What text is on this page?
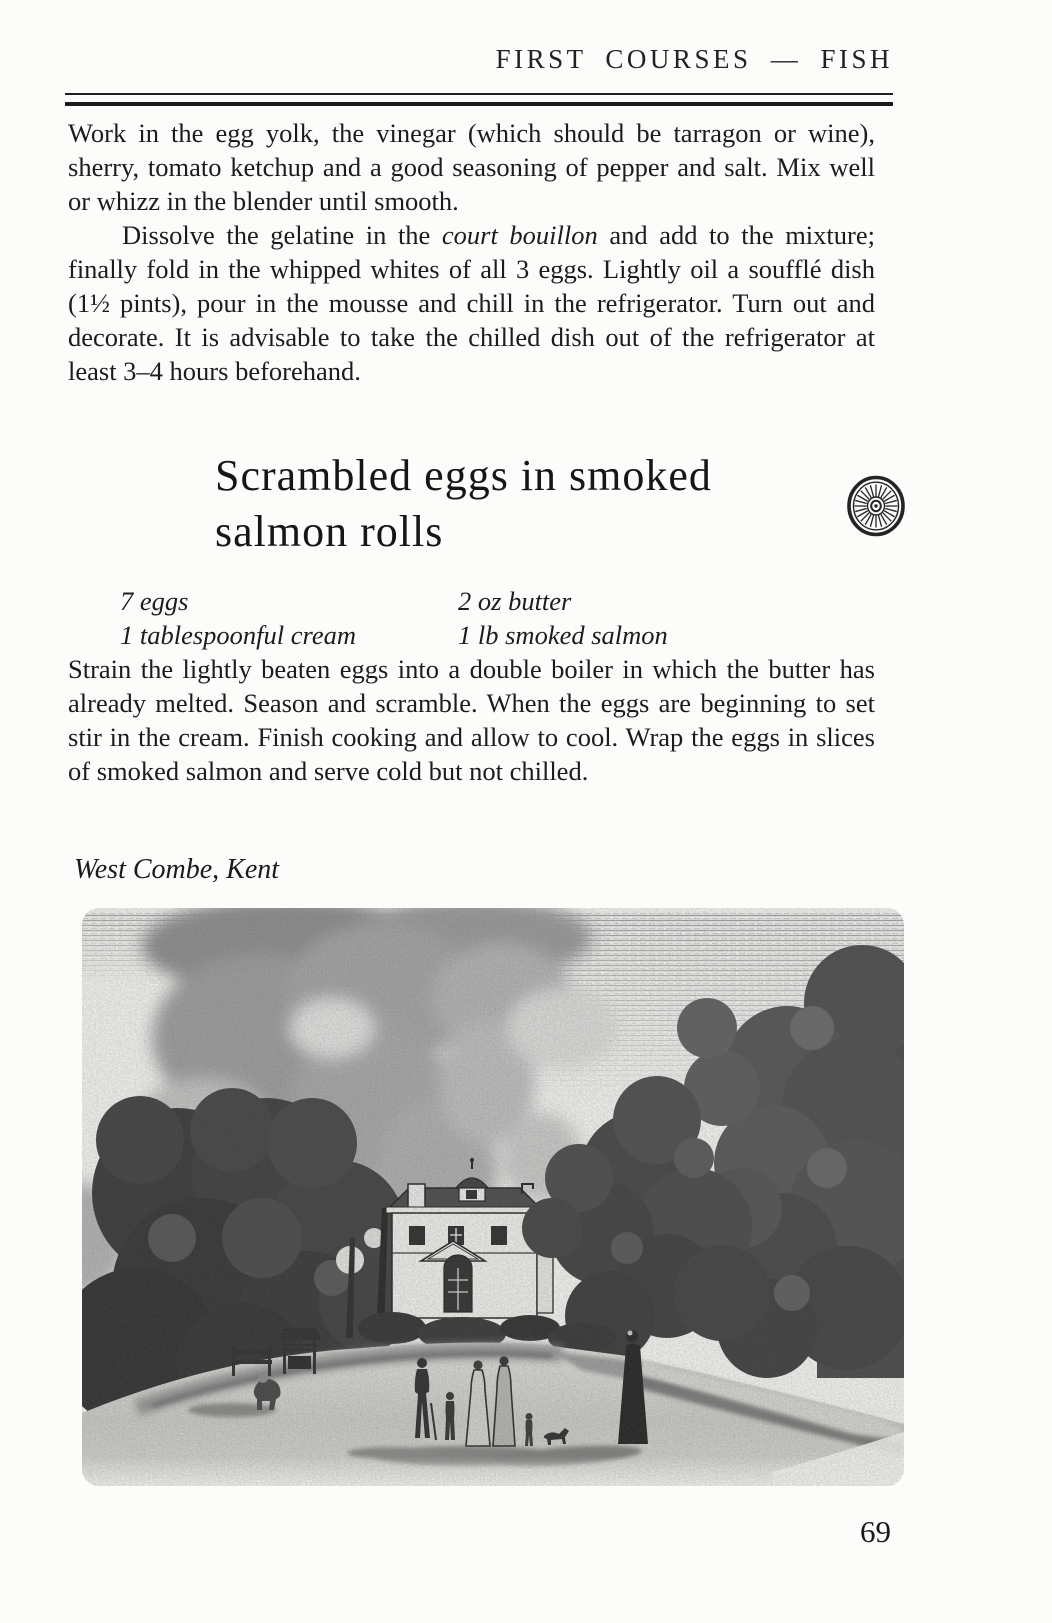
FIRST COURSES — FISH

Work in the egg yolk, the vinegar (which should be tarragon or wine), sherry, tomato ketchup and a good seasoning of pepper and salt. Mix well or whizz in the blender until smooth.

Dissolve the gelatine in the court bouillon and add to the mixture; finally fold in the whipped whites of all 3 eggs. Lightly oil a soufflé dish (1½ pints), pour in the mousse and chill in the refrigerator. Turn out and decorate. It is advisable to take the chilled dish out of the refrigerator at least 3–4 hours beforehand.

Scrambled eggs in smoked
salmon rolls
7 eggs
1 tablespoonful cream
2 oz butter
1 lb smoked salmon

Strain the lightly beaten eggs into a double boiler in which the butter has already melted. Season and scramble. When the eggs are beginning to set stir in the cream. Finish cooking and allow to cool. Wrap the eggs in slices of smoked salmon and serve cold but not chilled.

West Combe, Kent
69
